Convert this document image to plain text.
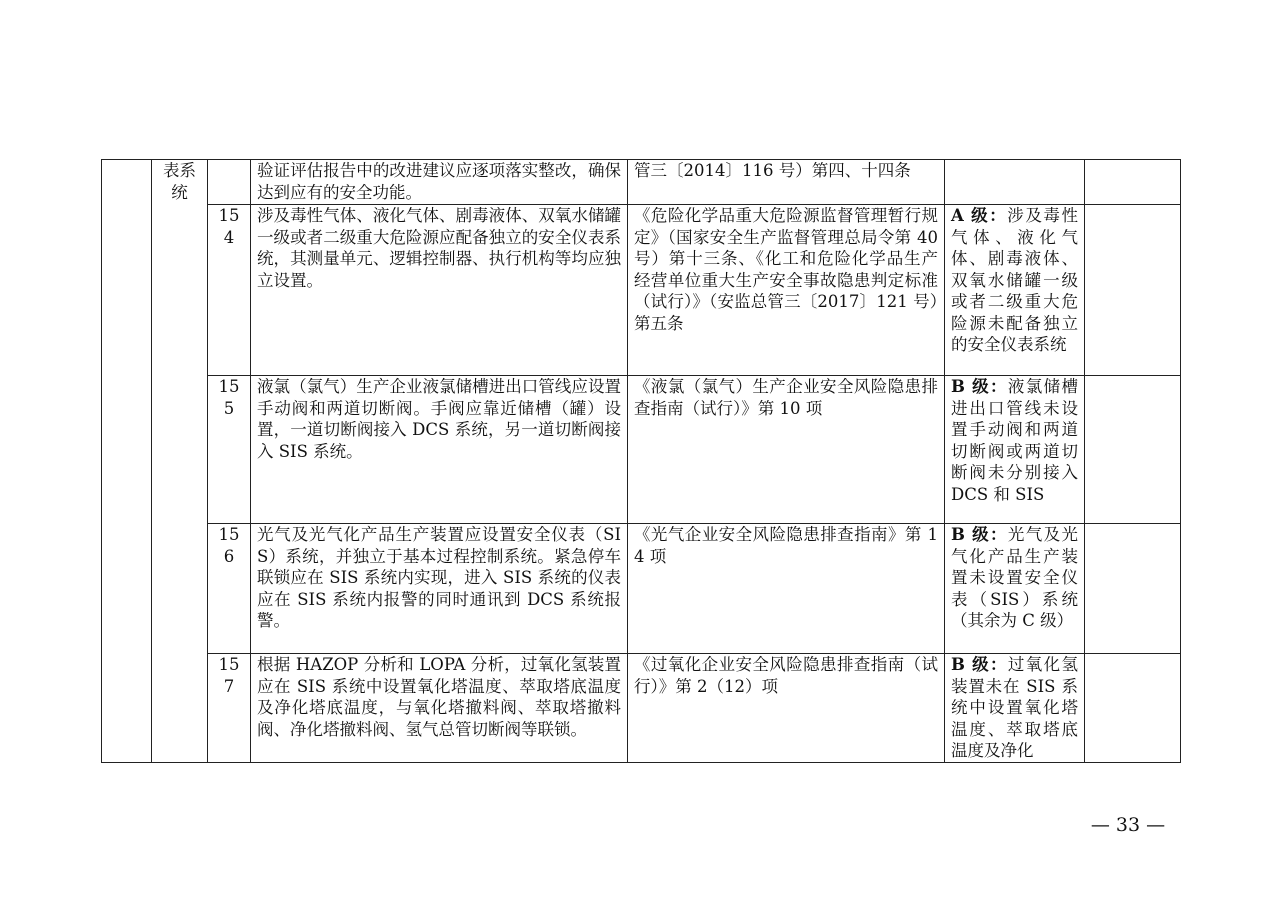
	表系统		验证评估报告中的改进建议应逐项落实整改，确保达到应有的安全功能。	管三〔2014〕116 号）第四、十四条		
		154	涉及毒性气体、液化气体、剧毒液体、双氧水储罐一级或者二级重大危险源应配备独立的安全仪表系统，其测量单元、逻辑控制器、执行机构等均应独立设置。	《危险化学品重大危险源监督管理暂行规定》（国家安全生产监督管理总局令第 40 号）第十三条、《化工和危险化学品生产经营单位重大生产安全事故隐患判定标准（试行）》（安监总管三〔2017〕121 号）第五条	A 级：涉及毒性气体、液化气体、剧毒液体、双氧水储罐一级或者二级重大危险源未配备独立的安全仪表系统	
		155	液氯（氯气）生产企业液氯储槽进出口管线应设置手动阀和两道切断阀。手阀应靠近储槽（罐）设置，一道切断阀接入 DCS 系统，另一道切断阀接入 SIS 系统。	《液氯（氯气）生产企业安全风险隐患排查指南（试行）》第 10 项	B 级：液氯储槽进出口管线未设置手动阀和两道切断阀或两道切断阀未分别接入 DCS 和 SIS	
		156	光气及光气化产品生产装置应设置安全仪表（SIS）系统，并独立于基本过程控制系统。紧急停车联锁应在 SIS 系统内实现，进入 SIS 系统的仪表应在 SIS 系统内报警的同时通讯到 DCS 系统报警。	《光气企业安全风险隐患排查指南》第 14 项	B 级：光气及光气化产品生产装置未设置安全仪表（SIS）系统（其余为 C 级）	
		157	根据 HAZOP 分析和 LOPA 分析，过氧化氢装置应在 SIS 系统中设置氧化塔温度、萃取塔底温度及净化塔底温度，与氧化塔撤料阀、萃取塔撤料阀、净化塔撤料阀、氢气总管切断阀等联锁。	《过氧化企业安全风险隐患排查指南（试行）》第 2（12）项	B 级：过氧化氢装置未在 SIS 系统中设置氧化塔温度、萃取塔底温度及净化	
— 33 —
